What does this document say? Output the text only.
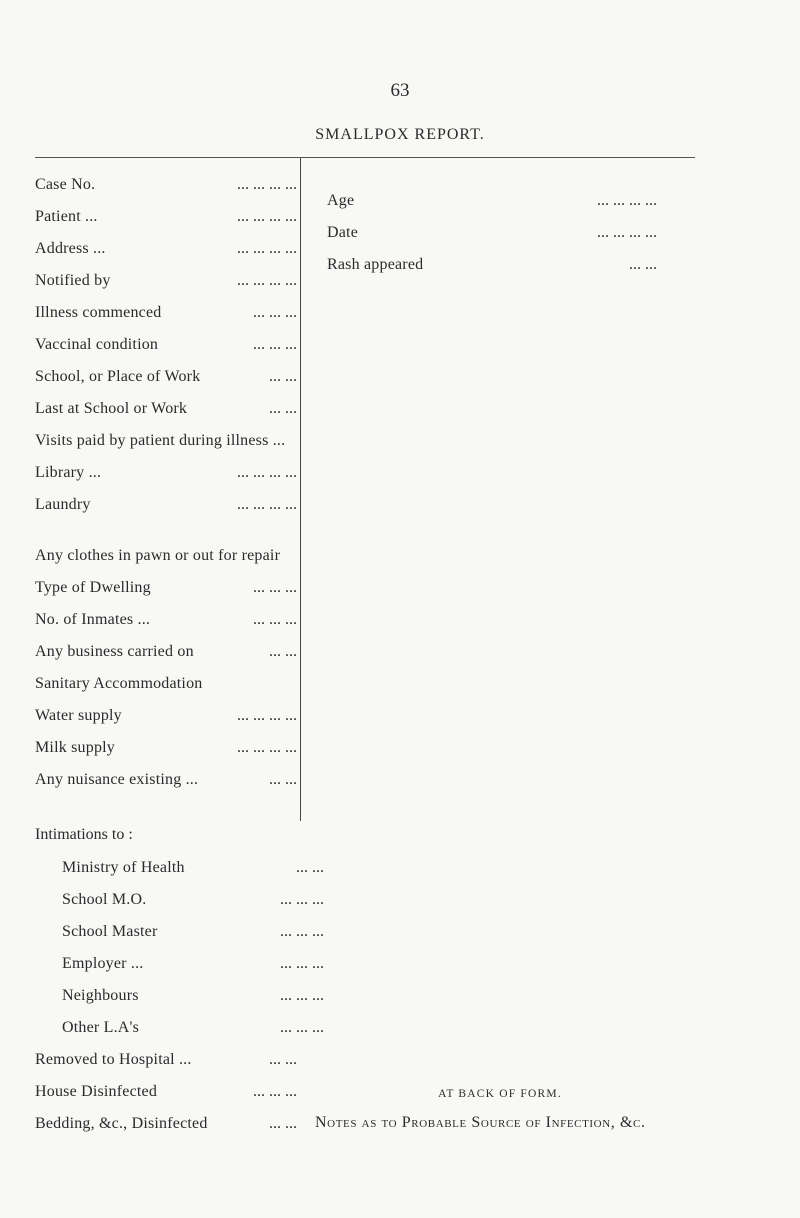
63
SMALLPOX REPORT.
Case No.	... ... ... ...
Patient ...	... ... ... ...
Address ...	... ... ... ...
Notified by	... ... ... ...
Illness commenced	... ... ...
Vaccinal condition	... ... ...
School, or Place of Work	... ...
Last at School or Work	... ...
Visits paid by patient during illness ...
Library ...	... ... ... ...
Laundry	... ... ... ...
Any clothes in pawn or out for repair
Type of Dwelling	... ... ...
No. of Inmates ...	... ... ...
Any business carried on	... ...
Sanitary Accommodation
Water supply	... ... ... ...
Milk supply	... ... ... ...
Any nuisance existing ...	... ...
Intimations to :
Ministry of Health	... ...
School M.O.	... ... ...
School Master	... ... ...
Employer ...	... ... ...
Neighbours	... ... ...
Other L.A's	... ... ...
Removed to Hospital ...	... ...
House Disinfected	... ... ...
Bedding, &c., Disinfected	... ...
Age	... ... ... ...
Date	... ... ... ...
Rash appeared	... ...
AT BACK OF FORM.
Notes as to Probable Source of Infection, &c.
